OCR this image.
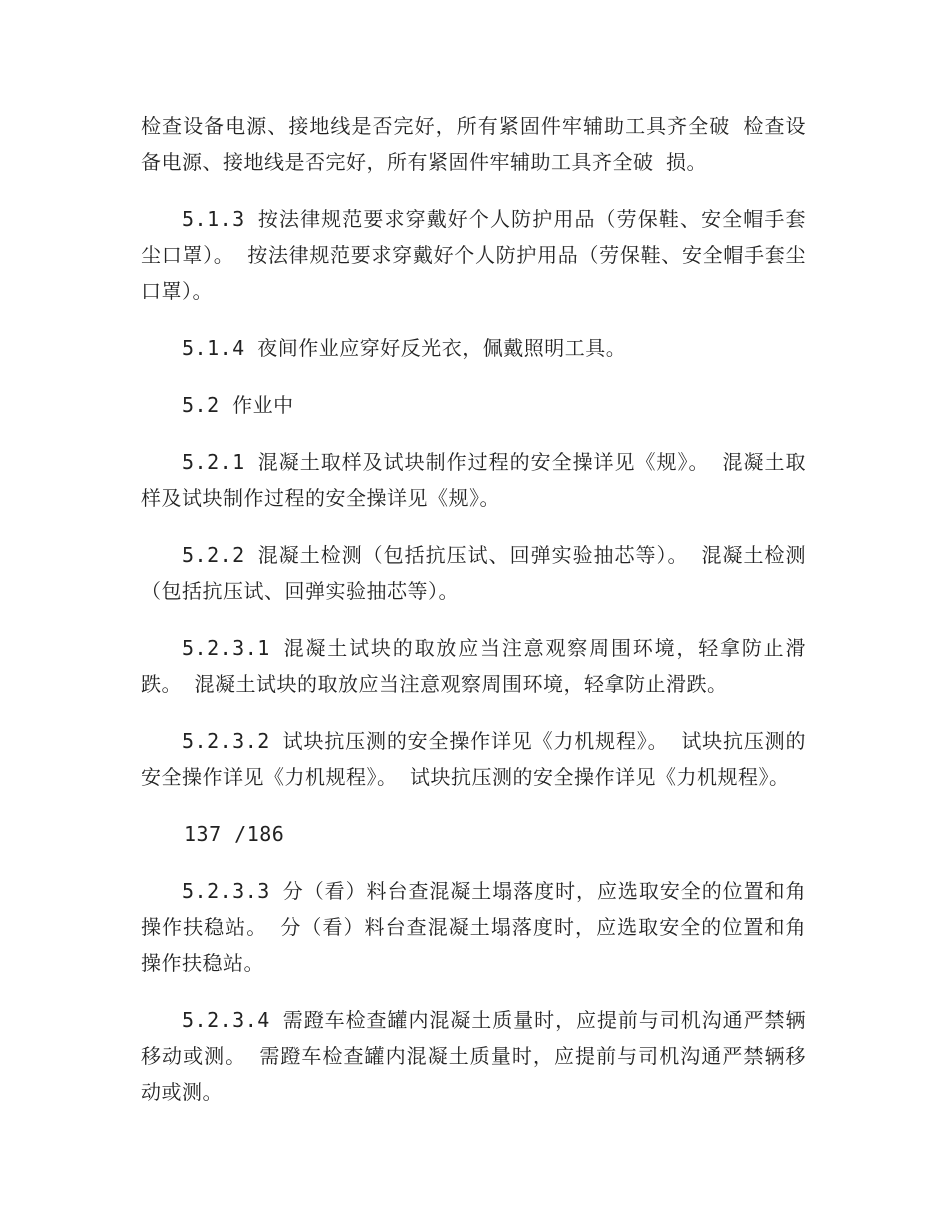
检查设备电源、接地线是否完好，所有紧固件牢辅助工具齐全破 检查设备电源、接地线是否完好，所有紧固件牢辅助工具齐全破 损。

5.1.3 按法律规范要求穿戴好个人防护用品（劳保鞋、安全帽手套尘口罩）。 按法律规范要求穿戴好个人防护用品（劳保鞋、安全帽手套尘口罩）。

5.1.4 夜间作业应穿好反光衣，佩戴照明工具。

5.2 作业中

5.2.1 混凝土取样及试块制作过程的安全操详见《规》。 混凝土取样及试块制作过程的安全操详见《规》。

5.2.2 混凝土检测（包括抗压试、回弹实验抽芯等）。 混凝土检测（包括抗压试、回弹实验抽芯等）。

5.2.3.1 混凝土试块的取放应当注意观察周围环境，轻拿防止滑跌。 混凝土试块的取放应当注意观察周围环境，轻拿防止滑跌。

5.2.3.2 试块抗压测的安全操作详见《力机规程》。 试块抗压测的安全操作详见《力机规程》。 试块抗压测的安全操作详见《力机规程》。

137 /186

5.2.3.3 分（看）料台查混凝土塌落度时，应选取安全的位置和角操作扶稳站。 分（看）料台查混凝土塌落度时，应选取安全的位置和角操作扶稳站。

5.2.3.4 需蹬车检查罐内混凝土质量时，应提前与司机沟通严禁辆移动或测。 需蹬车检查罐内混凝土质量时，应提前与司机沟通严禁辆移动或测。
